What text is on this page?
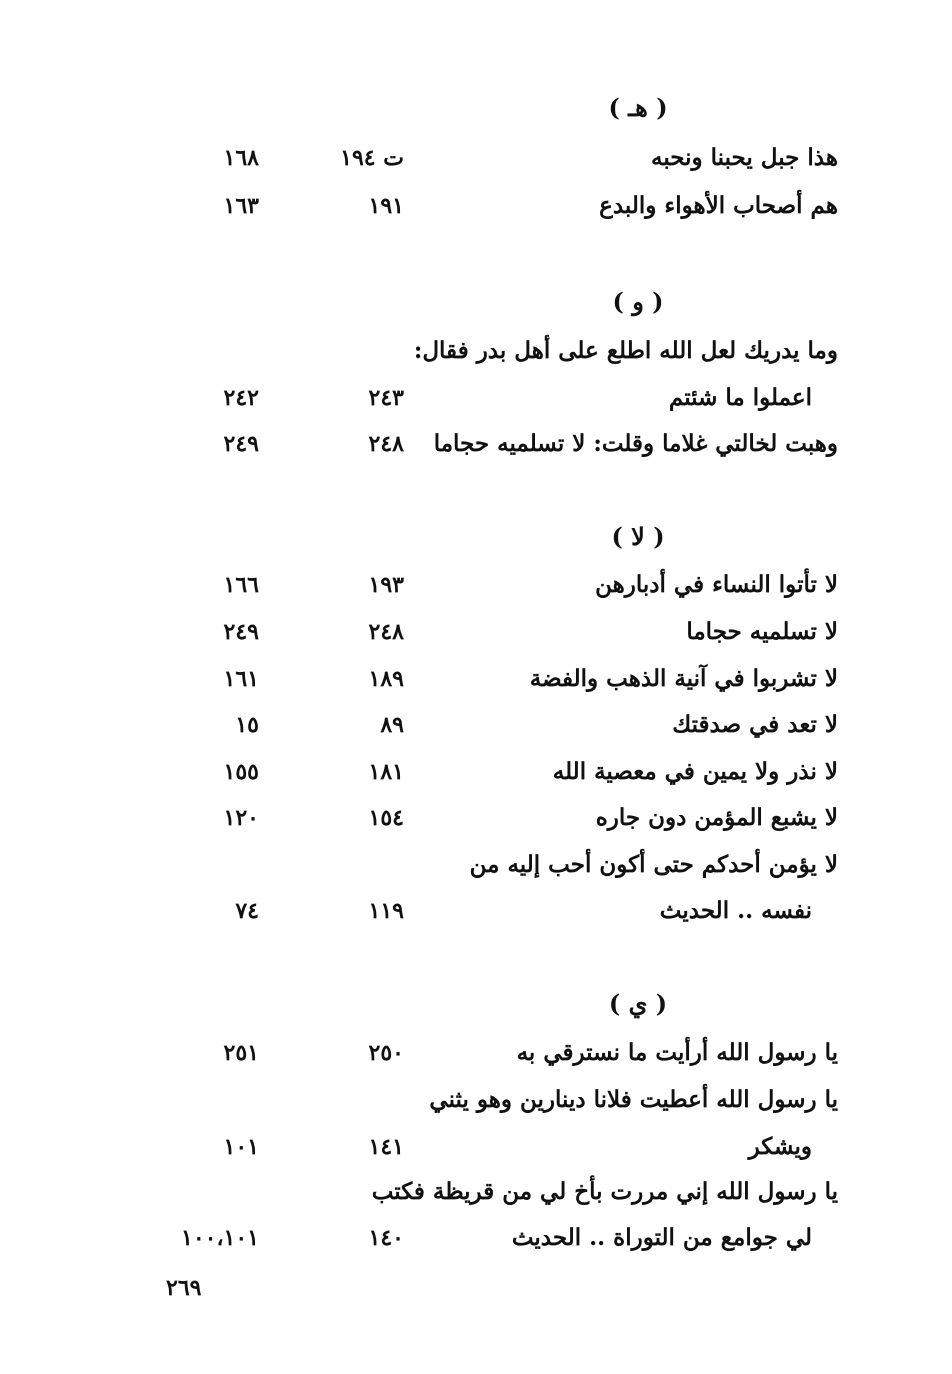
( هـ )
هذا جبل يحبنا ونحبه
ت ١٩٤
١٦٨
هم أصحاب الأهواء والبدع
١٩١
١٦٣
( و )
وما يدريك لعل الله اطلع على أهل بدر فقال:
اعملوا ما شئتم
٢٤٣
٢٤٢
وهبت لخالتي غلاما وقلت: لا تسلميه حجاما
٢٤٨
٢٤٩
( لا )
لا تأتوا النساء في أدبارهن
١٩٣
١٦٦
لا تسلميه حجاما
٢٤٨
٢٤٩
لا تشربوا في آنية الذهب والفضة
١٨٩
١٦١
لا تعد في صدقتك
٨٩
١٥
لا نذر ولا يمين في معصية الله
١٨١
١٥٥
لا يشبع المؤمن دون جاره
١٥٤
١٢٠
لا يؤمن أحدكم حتى أكون أحب إليه من
نفسه .. الحديث
١١٩
٧٤
( ي )
يا رسول الله أرأيت ما نسترقي به
٢٥٠
٢٥١
يا رسول الله أعطيت فلانا دينارين وهو يثني
ويشكر
١٤١
١٠١
يا رسول الله إني مررت بأخ لي من قريظة فكتب
لي جوامع من التوراة .. الحديث
١٤٠
١٠٠،١٠١
٢٦٩
